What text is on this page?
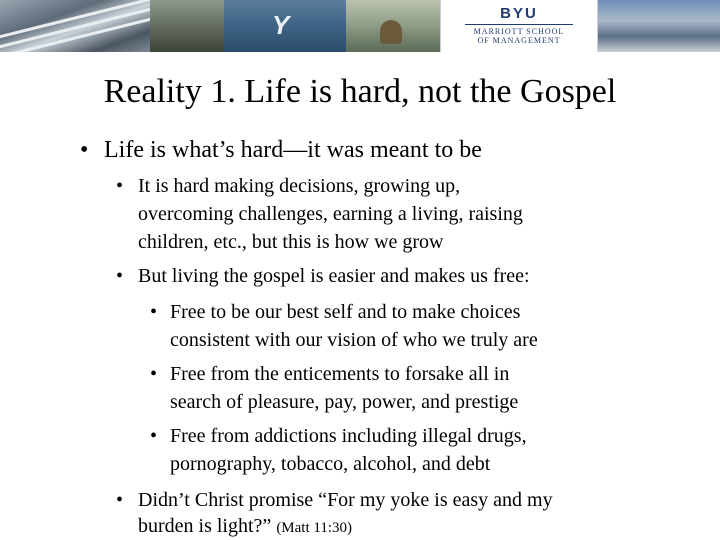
Y	BYU
MARRIOTT SCHOOL
OF MANAGEMENT
Reality 1. Life is hard, not the Gospel
• Life is what’s hard—it was meant to be
• It is hard making decisions, growing up,
overcoming challenges, earning a living, raising
children, etc., but this is how we grow
• But living the gospel is easier and makes us free:
• Free to be our best self and to make choices
consistent with our vision of who we truly are
• Free from the enticements to forsake all in
search of pleasure, pay, power, and prestige
• Free from addictions including illegal drugs,
pornography, tobacco, alcohol, and debt
• Didn’t Christ promise “For my yoke is easy and my
burden is light?” (Matt 11:30)
